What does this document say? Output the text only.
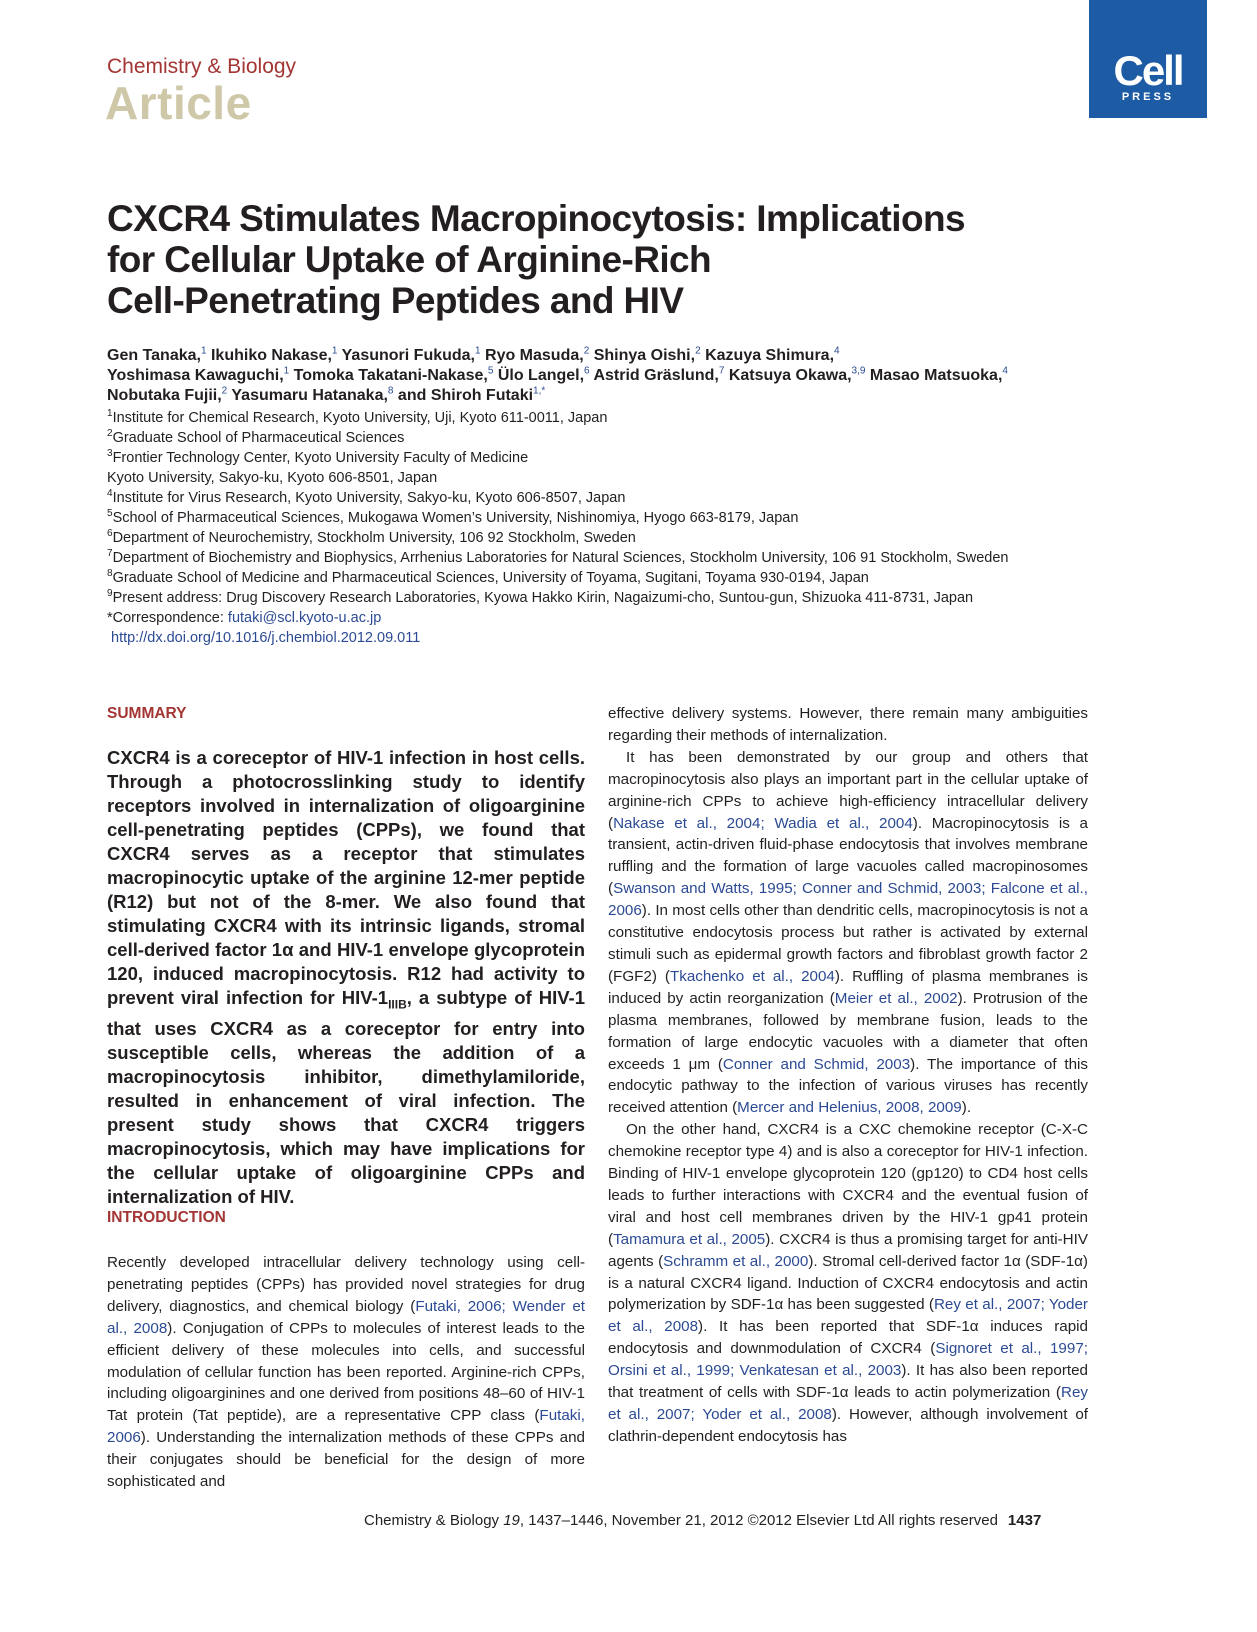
Chemistry & Biology
Article
Cell
PRESS
CXCR4 Stimulates Macropinocytosis: Implications
for Cellular Uptake of Arginine-Rich
Cell-Penetrating Peptides and HIV
Gen Tanaka,$^1$ Ikuhiko Nakase,$^1$ Yasunori Fukuda,$^1$ Ryo Masuda,$^2$ Shinya Oishi,$^2$ Kazuya Shimura,$^4$
Yoshimasa Kawaguchi,$^1$ Tomoka Takatani-Nakase,$^5$ Ülo Langel,$^6$ Astrid Gräslund,$^7$ Katsuya Okawa,$^{3,9}$ Masao Matsuoka,$^4$
Nobutaka Fujii,$^2$ Yasumaru Hatanaka,$^8$ and Shiroh Futaki$^{1,*}$
$^1$Institute for Chemical Research, Kyoto University, Uji, Kyoto 611-0011, Japan
$^2$Graduate School of Pharmaceutical Sciences
$^3$Frontier Technology Center, Kyoto University Faculty of Medicine
Kyoto University, Sakyo-ku, Kyoto 606-8501, Japan
$^4$Institute for Virus Research, Kyoto University, Sakyo-ku, Kyoto 606-8507, Japan
$^5$School of Pharmaceutical Sciences, Mukogawa Women’s University, Nishinomiya, Hyogo 663-8179, Japan
$^6$Department of Neurochemistry, Stockholm University, 106 92 Stockholm, Sweden
$^7$Department of Biochemistry and Biophysics, Arrhenius Laboratories for Natural Sciences, Stockholm University, 106 91 Stockholm, Sweden
$^8$Graduate School of Medicine and Pharmaceutical Sciences, University of Toyama, Sugitani, Toyama 930-0194, Japan
$^9$Present address: Drug Discovery Research Laboratories, Kyowa Hakko Kirin, Nagaizumi-cho, Suntou-gun, Shizuoka 411-8731, Japan
*Correspondence: futaki@scl.kyoto-u.ac.jp
http://dx.doi.org/10.1016/j.chembiol.2012.09.011
SUMMARY
CXCR4 is a coreceptor of HIV-1 infection in host cells. Through a photocrosslinking study to identify receptors involved in internalization of oligoarginine cell-penetrating peptides (CPPs), we found that CXCR4 serves as a receptor that stimulates macropinocytic uptake of the arginine 12-mer peptide (R12) but not of the 8-mer. We also found that stimulating CXCR4 with its intrinsic ligands, stromal cell-derived factor 1α and HIV-1 envelope glycoprotein 120, induced macropinocytosis. R12 had activity to prevent viral infection for HIV-$1_{IIIB}$, a subtype of HIV-1 that uses CXCR4 as a coreceptor for entry into susceptible cells, whereas the addition of a macropinocytosis inhibitor, dimethylamiloride, resulted in enhancement of viral infection. The present study shows that CXCR4 triggers macropinocytosis, which may have implications for the cellular uptake of oligoarginine CPPs and internalization of HIV.
INTRODUCTION

Recently developed intracellular delivery technology using cell-penetrating peptides (CPPs) has provided novel strategies for drug delivery, diagnostics, and chemical biology (Futaki, 2006; Wender et al., 2008). Conjugation of CPPs to molecules of interest leads to the efficient delivery of these molecules into cells, and successful modulation of cellular function has been reported. Arginine-rich CPPs, including oligoarginines and one derived from positions 48–60 of HIV-1 Tat protein (Tat peptide), are a representative CPP class (Futaki, 2006). Understanding the internalization methods of these CPPs and their conjugates should be beneficial for the design of more sophisticated and

effective delivery systems. However, there remain many ambiguities regarding their methods of internalization.

It has been demonstrated by our group and others that macropinocytosis also plays an important part in the cellular uptake of arginine-rich CPPs to achieve high-efficiency intracellular delivery (Nakase et al., 2004; Wadia et al., 2004). Macropinocytosis is a transient, actin-driven fluid-phase endocytosis that involves membrane ruffling and the formation of large vacuoles called macropinosomes (Swanson and Watts, 1995; Conner and Schmid, 2003; Falcone et al., 2006). In most cells other than dendritic cells, macropinocytosis is not a constitutive endocytosis process but rather is activated by external stimuli such as epidermal growth factors and fibroblast growth factor 2 (FGF2) (Tkachenko et al., 2004). Ruffling of plasma membranes is induced by actin reorganization (Meier et al., 2002). Protrusion of the plasma membranes, followed by membrane fusion, leads to the formation of large endocytic vacuoles with a diameter that often exceeds 1 μm (Conner and Schmid, 2003). The importance of this endocytic pathway to the infection of various viruses has recently received attention (Mercer and Helenius, 2008, 2009).

On the other hand, CXCR4 is a CXC chemokine receptor (C-X-C chemokine receptor type 4) and is also a coreceptor for HIV-1 infection. Binding of HIV-1 envelope glycoprotein 120 (gp120) to CD4 host cells leads to further interactions with CXCR4 and the eventual fusion of viral and host cell membranes driven by the HIV-1 gp41 protein (Tamamura et al., 2005). CXCR4 is thus a promising target for anti-HIV agents (Schramm et al., 2000). Stromal cell-derived factor 1α (SDF-1α) is a natural CXCR4 ligand. Induction of CXCR4 endocytosis and actin polymerization by SDF-1α has been suggested (Rey et al., 2007; Yoder et al., 2008). It has been reported that SDF-1α induces rapid endocytosis and downmodulation of CXCR4 (Signoret et al., 1997; Orsini et al., 1999; Venkatesan et al., 2003). It has also been reported that treatment of cells with SDF-1α leads to actin polymerization (Rey et al., 2007; Yoder et al., 2008). However, although involvement of clathrin-dependent endocytosis has

Chemistry & Biology 19, 1437–1446, November 21, 2012 ©2012 Elsevier Ltd All rights reserved 1437
